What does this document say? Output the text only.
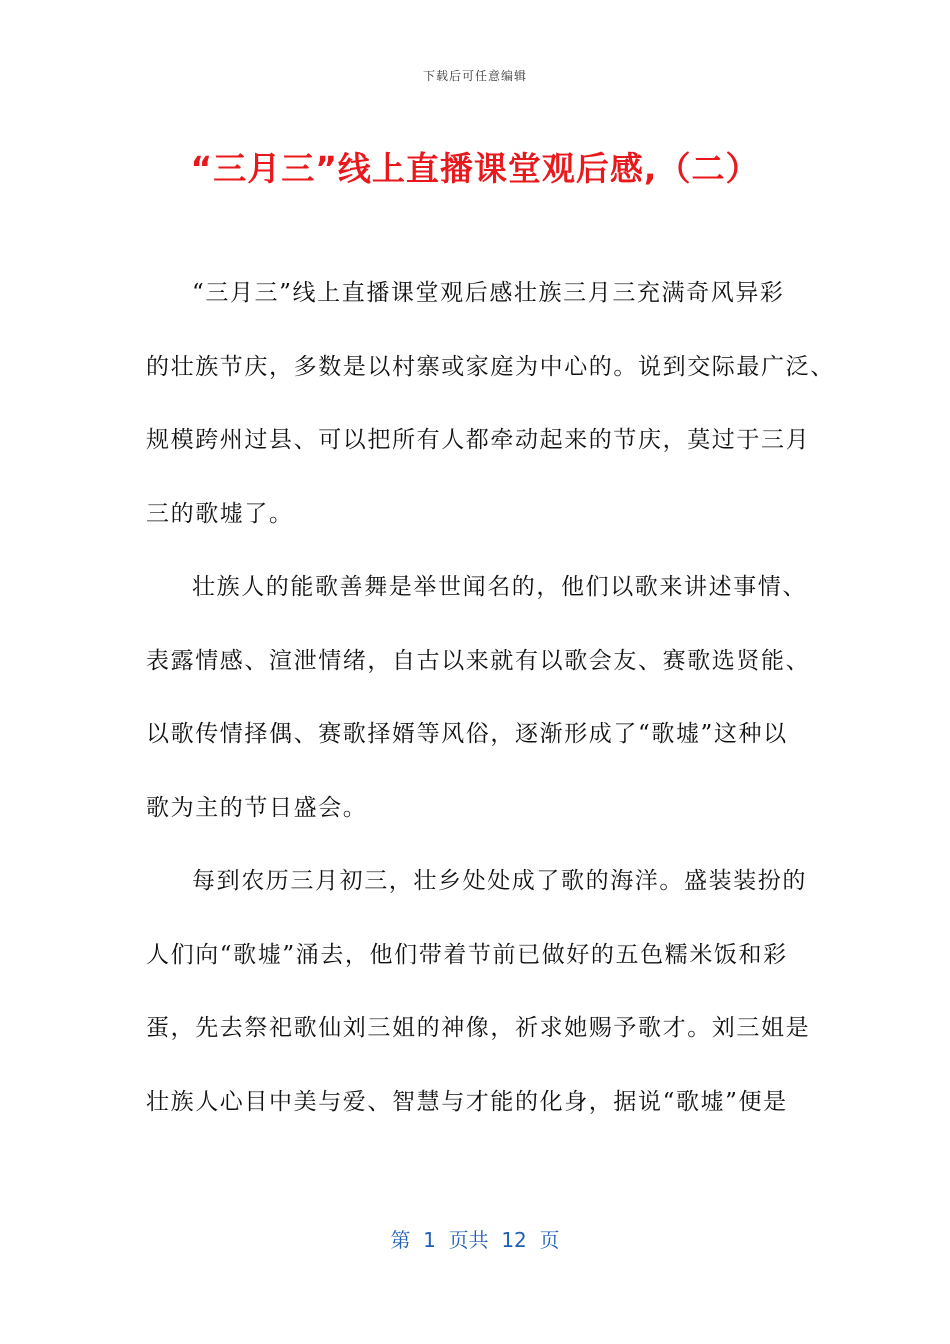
下载后可任意编辑
“三月三”线上直播课堂观后感,（二）
“三月三”线上直播课堂观后感壮族三月三充满奇风异彩
的壮族节庆，多数是以村寨或家庭为中心的。说到交际最广泛、
规模跨州过县、可以把所有人都牵动起来的节庆，莫过于三月
三的歌墟了。
壮族人的能歌善舞是举世闻名的，他们以歌来讲述事情、
表露情感、渲泄情绪，自古以来就有以歌会友、赛歌选贤能、
以歌传情择偶、赛歌择婿等风俗，逐渐形成了“歌墟”这种以
歌为主的节日盛会。
每到农历三月初三，壮乡处处成了歌的海洋。盛装装扮的
人们向“歌墟”涌去，他们带着节前已做好的五色糯米饭和彩
蛋，先去祭祀歌仙刘三姐的神像，祈求她赐予歌才。刘三姐是
壮族人心目中美与爱、智慧与才能的化身，据说“歌墟”便是
第  1  页共  12  页
